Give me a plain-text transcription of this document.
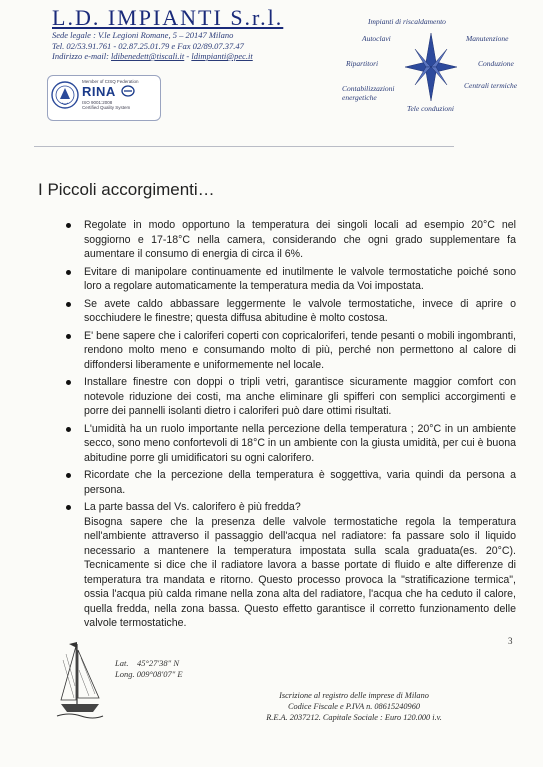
L.D. IMPIANTI S.r.l.
Sede legale : V.le Legioni Romane, 5 – 20147 Milano
Tel. 02/53.91.761 - 02.87.25.01.79 e Fax 02/89.07.37.47
Indirizzo e-mail: ldibenedett@tiscali.it - ldimpianti@pec.it
Member of CISQ Federation
RINA
ISO 9001:2008
Certified Quality System
Impianti di riscaldamento
Autoclavi	Manutenzione
Ripartitori	Conduzione
Contabilizzazioni
energetiche
Centrali termiche
Tele conduzioni
I Piccoli accorgimenti…
Regolate in modo opportuno la temperatura dei singoli locali ad esempio 20°C nel soggiorno e 17-18°C nella camera, considerando che ogni grado supplementare fa aumentare il consumo di energia di circa il 6%.
Evitare di manipolare continuamente ed inutilmente le valvole termostatiche poiché sono loro a regolare automaticamente la temperatura media da Voi impostata.
Se avete caldo abbassare leggermente le valvole termostatiche, invece di aprire o socchiudere le finestre; questa diffusa abitudine è molto costosa.
E' bene sapere che i caloriferi coperti con copricaloriferi, tende pesanti o mobili ingombranti, rendono molto meno e consumando molto di più, perché non permettono al calore di diffondersi liberamente e uniformemente nel locale.
Installare finestre con doppi o tripli vetri, garantisce sicuramente maggior comfort con notevole riduzione dei costi, ma anche eliminare gli spifferi con semplici accorgimenti e porre dei pannelli isolanti dietro i caloriferi può dare ottimi risultati.
L'umidità ha un ruolo importante nella percezione della temperatura ; 20°C in un ambiente secco, sono meno confortevoli di 18°C in un ambiente con la giusta umidità, per cui è buona abitudine porre gli umidificatori su ogni calorifero.
Ricordate che la percezione della temperatura è soggettiva, varia quindi da persona a persona.
La parte bassa del Vs. calorifero è più fredda?
Bisogna sapere che la presenza delle valvole termostatiche regola la temperatura nell'ambiente attraverso il passaggio dell'acqua nel radiatore: fa passare solo il liquido necessario a mantenere la temperatura impostata sulla scala graduata(es. 20°C). Tecnicamente si dice che il radiatore lavora a basse portate di fluido e alte differenze di temperatura tra mandata e ritorno. Questo processo provoca la "stratificazione termica", ossia l'acqua più calda rimane nella zona alta del radiatore, l'acqua che ha ceduto il calore, quella fredda, nella zona bassa. Questo effetto garantisce il corretto funzionamento delle valvole termostatiche.
3
Lat.    45°27'38" N
Long. 009°08'07" E
Iscrizione al registro delle imprese di Milano
Codice Fiscale e P.IVA n. 08615240960
R.E.A. 2037212. Capitale Sociale : Euro 120.000 i.v.
